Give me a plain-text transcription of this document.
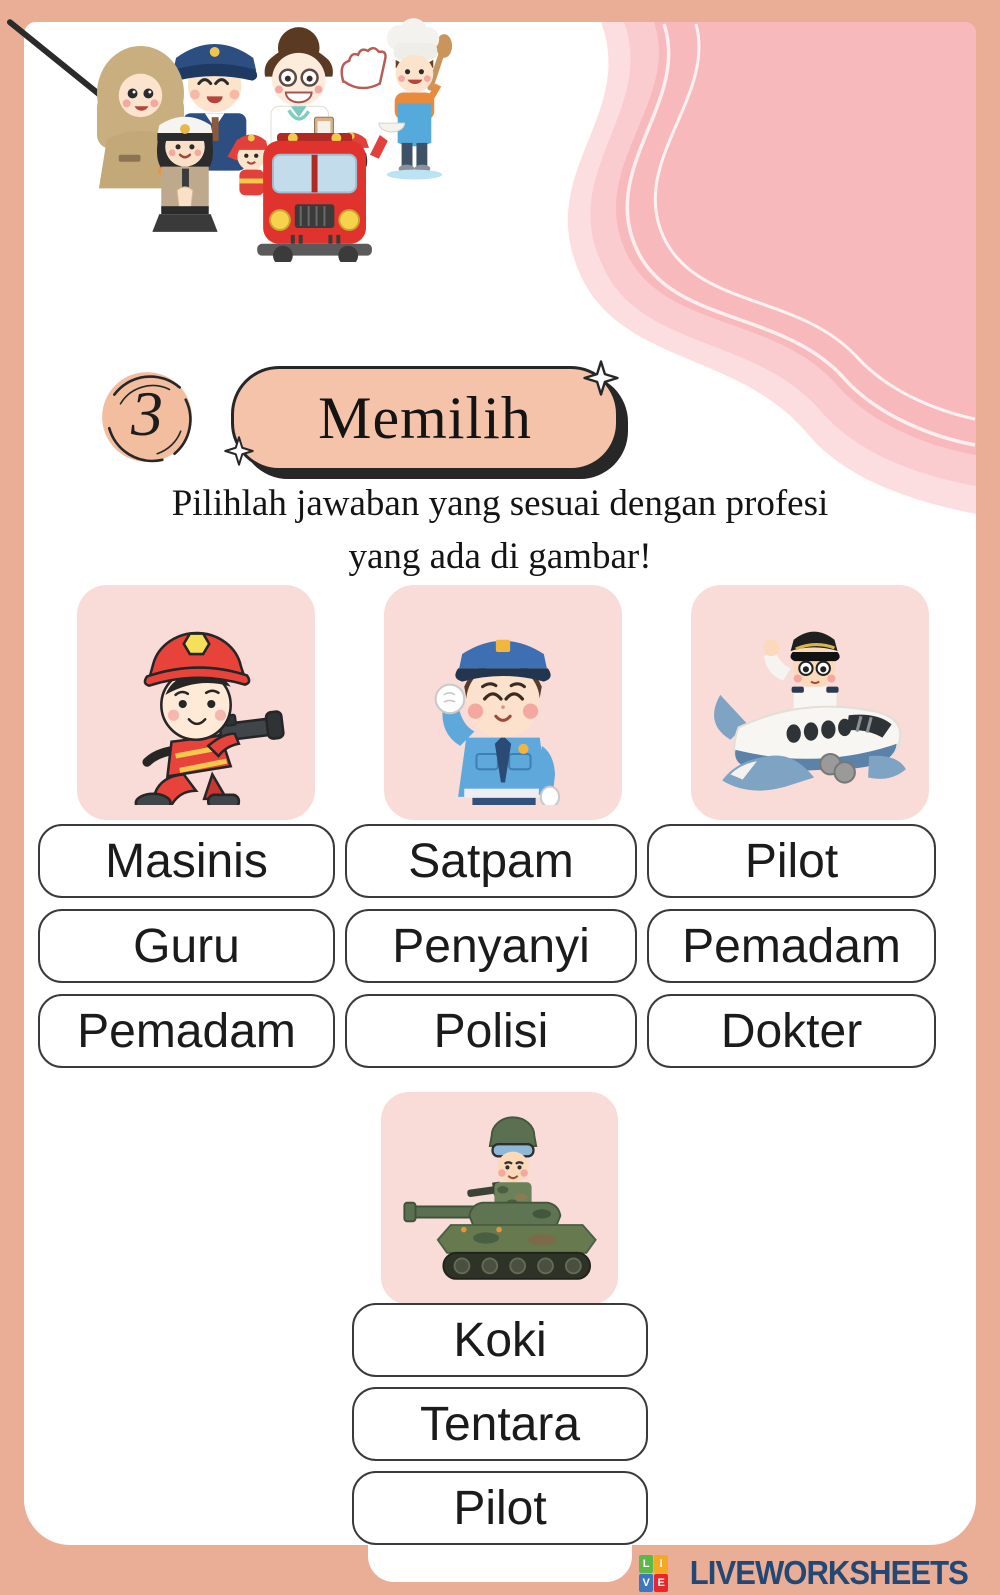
3	Memilih
Pilihlah jawaban yang sesuai dengan profesi
yang ada di gambar!
Masinis	Satpam	Pilot
Guru	Penyanyi	Pemadam
Pemadam	Polisi	Dokter
Koki
Tentara
Pilot
L I
V E LIVEWORKSHEETS
